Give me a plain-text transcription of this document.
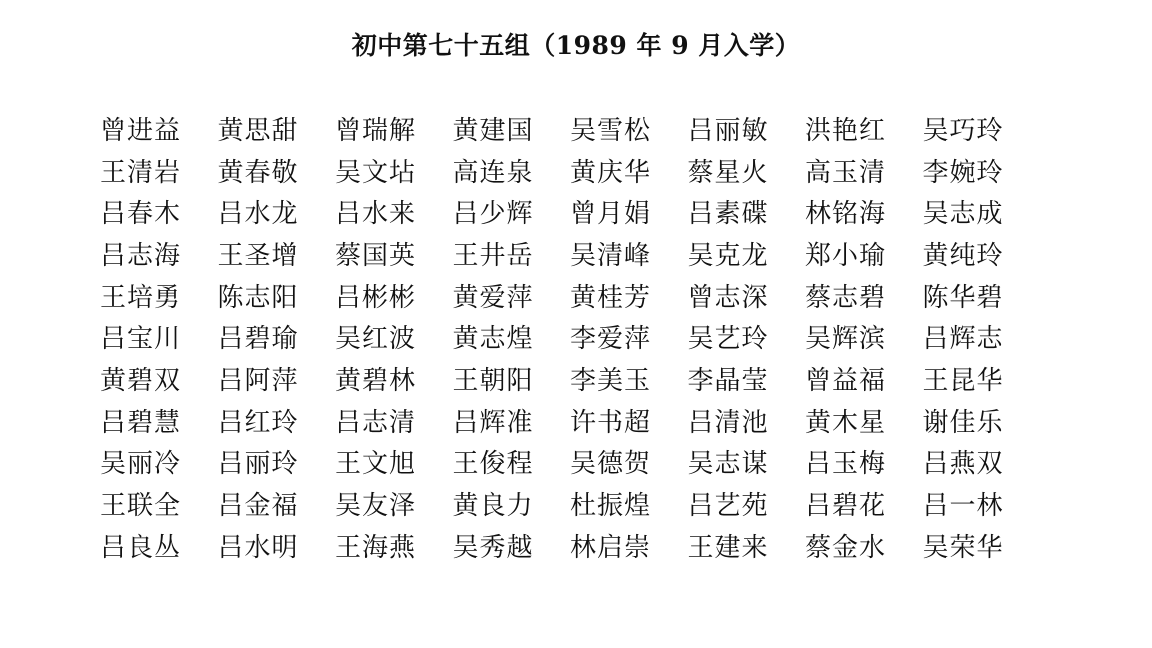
初中第七十五组（1989 年 9 月入学）
曾进益	黄思甜	曾瑞解	黄建国	吴雪松	吕丽敏	洪艳红	吴巧玲
王清岩	黄春敬	吴文坫	高连泉	黄庆华	蔡星火	高玉清	李婉玲
吕春木	吕水龙	吕水来	吕少辉	曾月娟	吕素碟	林铭海	吴志成
吕志海	王圣增	蔡国英	王井岳	吴清峰	吴克龙	郑小瑜	黄纯玲
王培勇	陈志阳	吕彬彬	黄爱萍	黄桂芳	曾志深	蔡志碧	陈华碧
吕宝川	吕碧瑜	吴红波	黄志煌	李爱萍	吴艺玲	吴辉滨	吕辉志
黄碧双	吕阿萍	黄碧林	王朝阳	李美玉	李晶莹	曾益福	王昆华
吕碧慧	吕红玲	吕志清	吕辉准	许书超	吕清池	黄木星	谢佳乐
吴丽冷	吕丽玲	王文旭	王俊程	吴德贺	吴志谋	吕玉梅	吕燕双
王联全	吕金福	吴友泽	黄良力	杜振煌	吕艺苑	吕碧花	吕一林
吕良丛	吕水明	王海燕	吴秀越	林启崇	王建来	蔡金水	吴荣华
